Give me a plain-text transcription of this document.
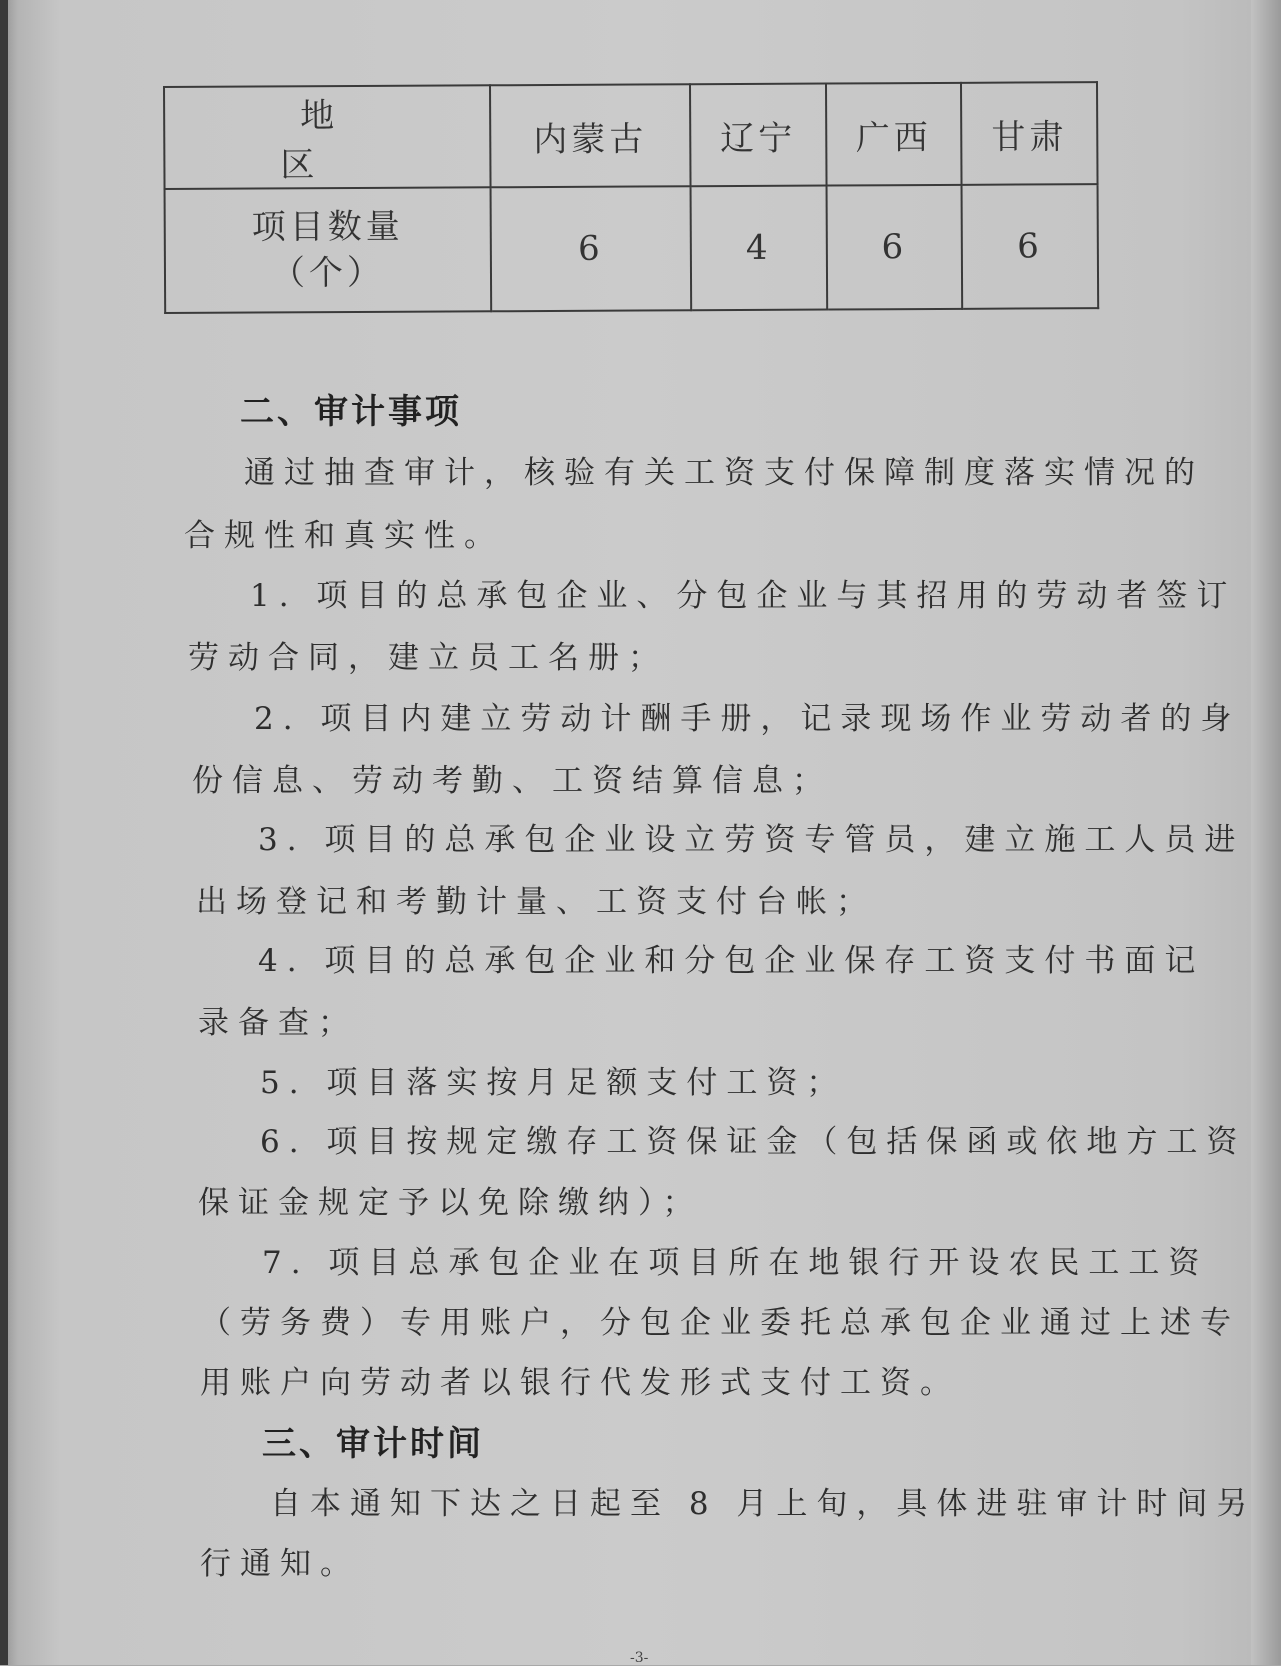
地　　区	内蒙古	辽宁	广西	甘肃

项目数量
（个）	6	4	6	6
二、审计事项
通过抽查审计，核验有关工资支付保障制度落实情况的
合规性和真实性。
1. 项目的总承包企业、分包企业与其招用的劳动者签订
劳动合同，建立员工名册；
2. 项目内建立劳动计酬手册，记录现场作业劳动者的身
份信息、劳动考勤、工资结算信息；
3. 项目的总承包企业设立劳资专管员，建立施工人员进
出场登记和考勤计量、工资支付台帐；
4. 项目的总承包企业和分包企业保存工资支付书面记
录备查；
5. 项目落实按月足额支付工资；
6. 项目按规定缴存工资保证金（包括保函或依地方工资
保证金规定予以免除缴纳）；
7. 项目总承包企业在项目所在地银行开设农民工工资
（劳务费）专用账户，分包企业委托总承包企业通过上述专
用账户向劳动者以银行代发形式支付工资。
三、审计时间
自本通知下达之日起至 8 月上旬，具体进驻审计时间另
行通知。
-3-
